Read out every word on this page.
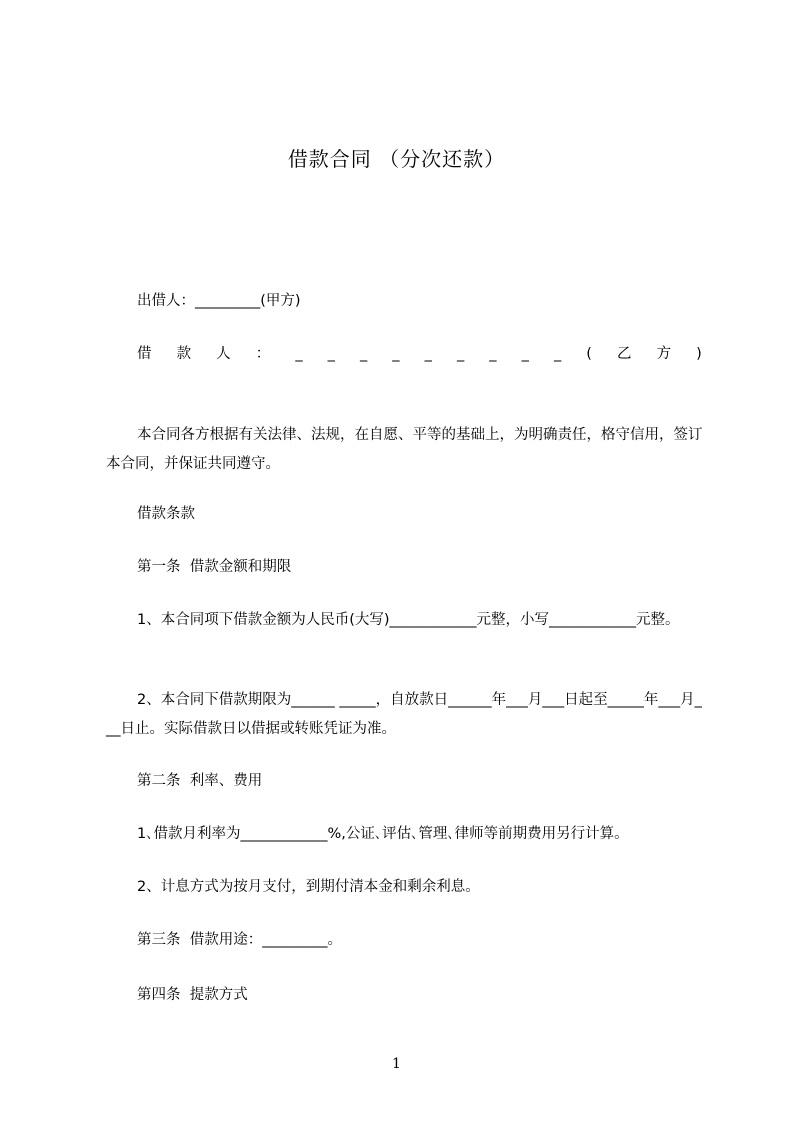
借款合同 （分次还款）
出借人：_________(甲方)
借 款 人 ： _ _ _ _ _ _ _ _ _ ( 乙 方 )
本合同各方根据有关法律、法规，在自愿、平等的基础上，为明确责任，格守信用，签订本合同，并保证共同遵守。
借款条款
第一条  借款金额和期限
1、本合同项下借款金额为人民币(大写)____________元整，小写____________元整。
2、本合同下借款期限为______ _____，自放款日______年___月___日起至_____年___月___日止。实际借款日以借据或转账凭证为准。
第二条  利率、费用
1､借款月利率为____________%,公证､评估､管理､律师等前期费用另行计算。
2、计息方式为按月支付，到期付清本金和剩余利息。
第三条  借款用途：_________。
第四条  提款方式
1
